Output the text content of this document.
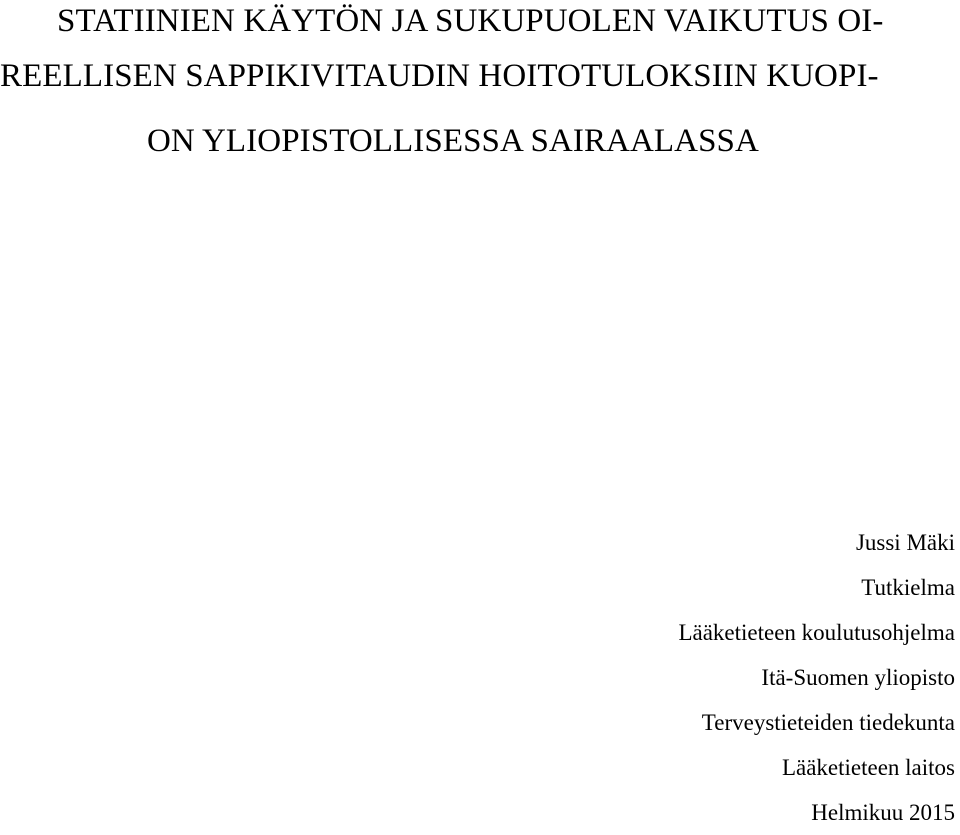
STATIINIEN KÄYTÖN JA SUKUPUOLEN VAIKUTUS OI-
REELLISEN SAPPIKIVITAUDIN HOITOTULOKSIIN KUOPI-
ON YLIOPISTOLLISESSA SAIRAALASSA
Jussi Mäki
Tutkielma
Lääketieteen koulutusohjelma
Itä-Suomen yliopisto
Terveystieteiden tiedekunta
Lääketieteen laitos
Helmikuu 2015
